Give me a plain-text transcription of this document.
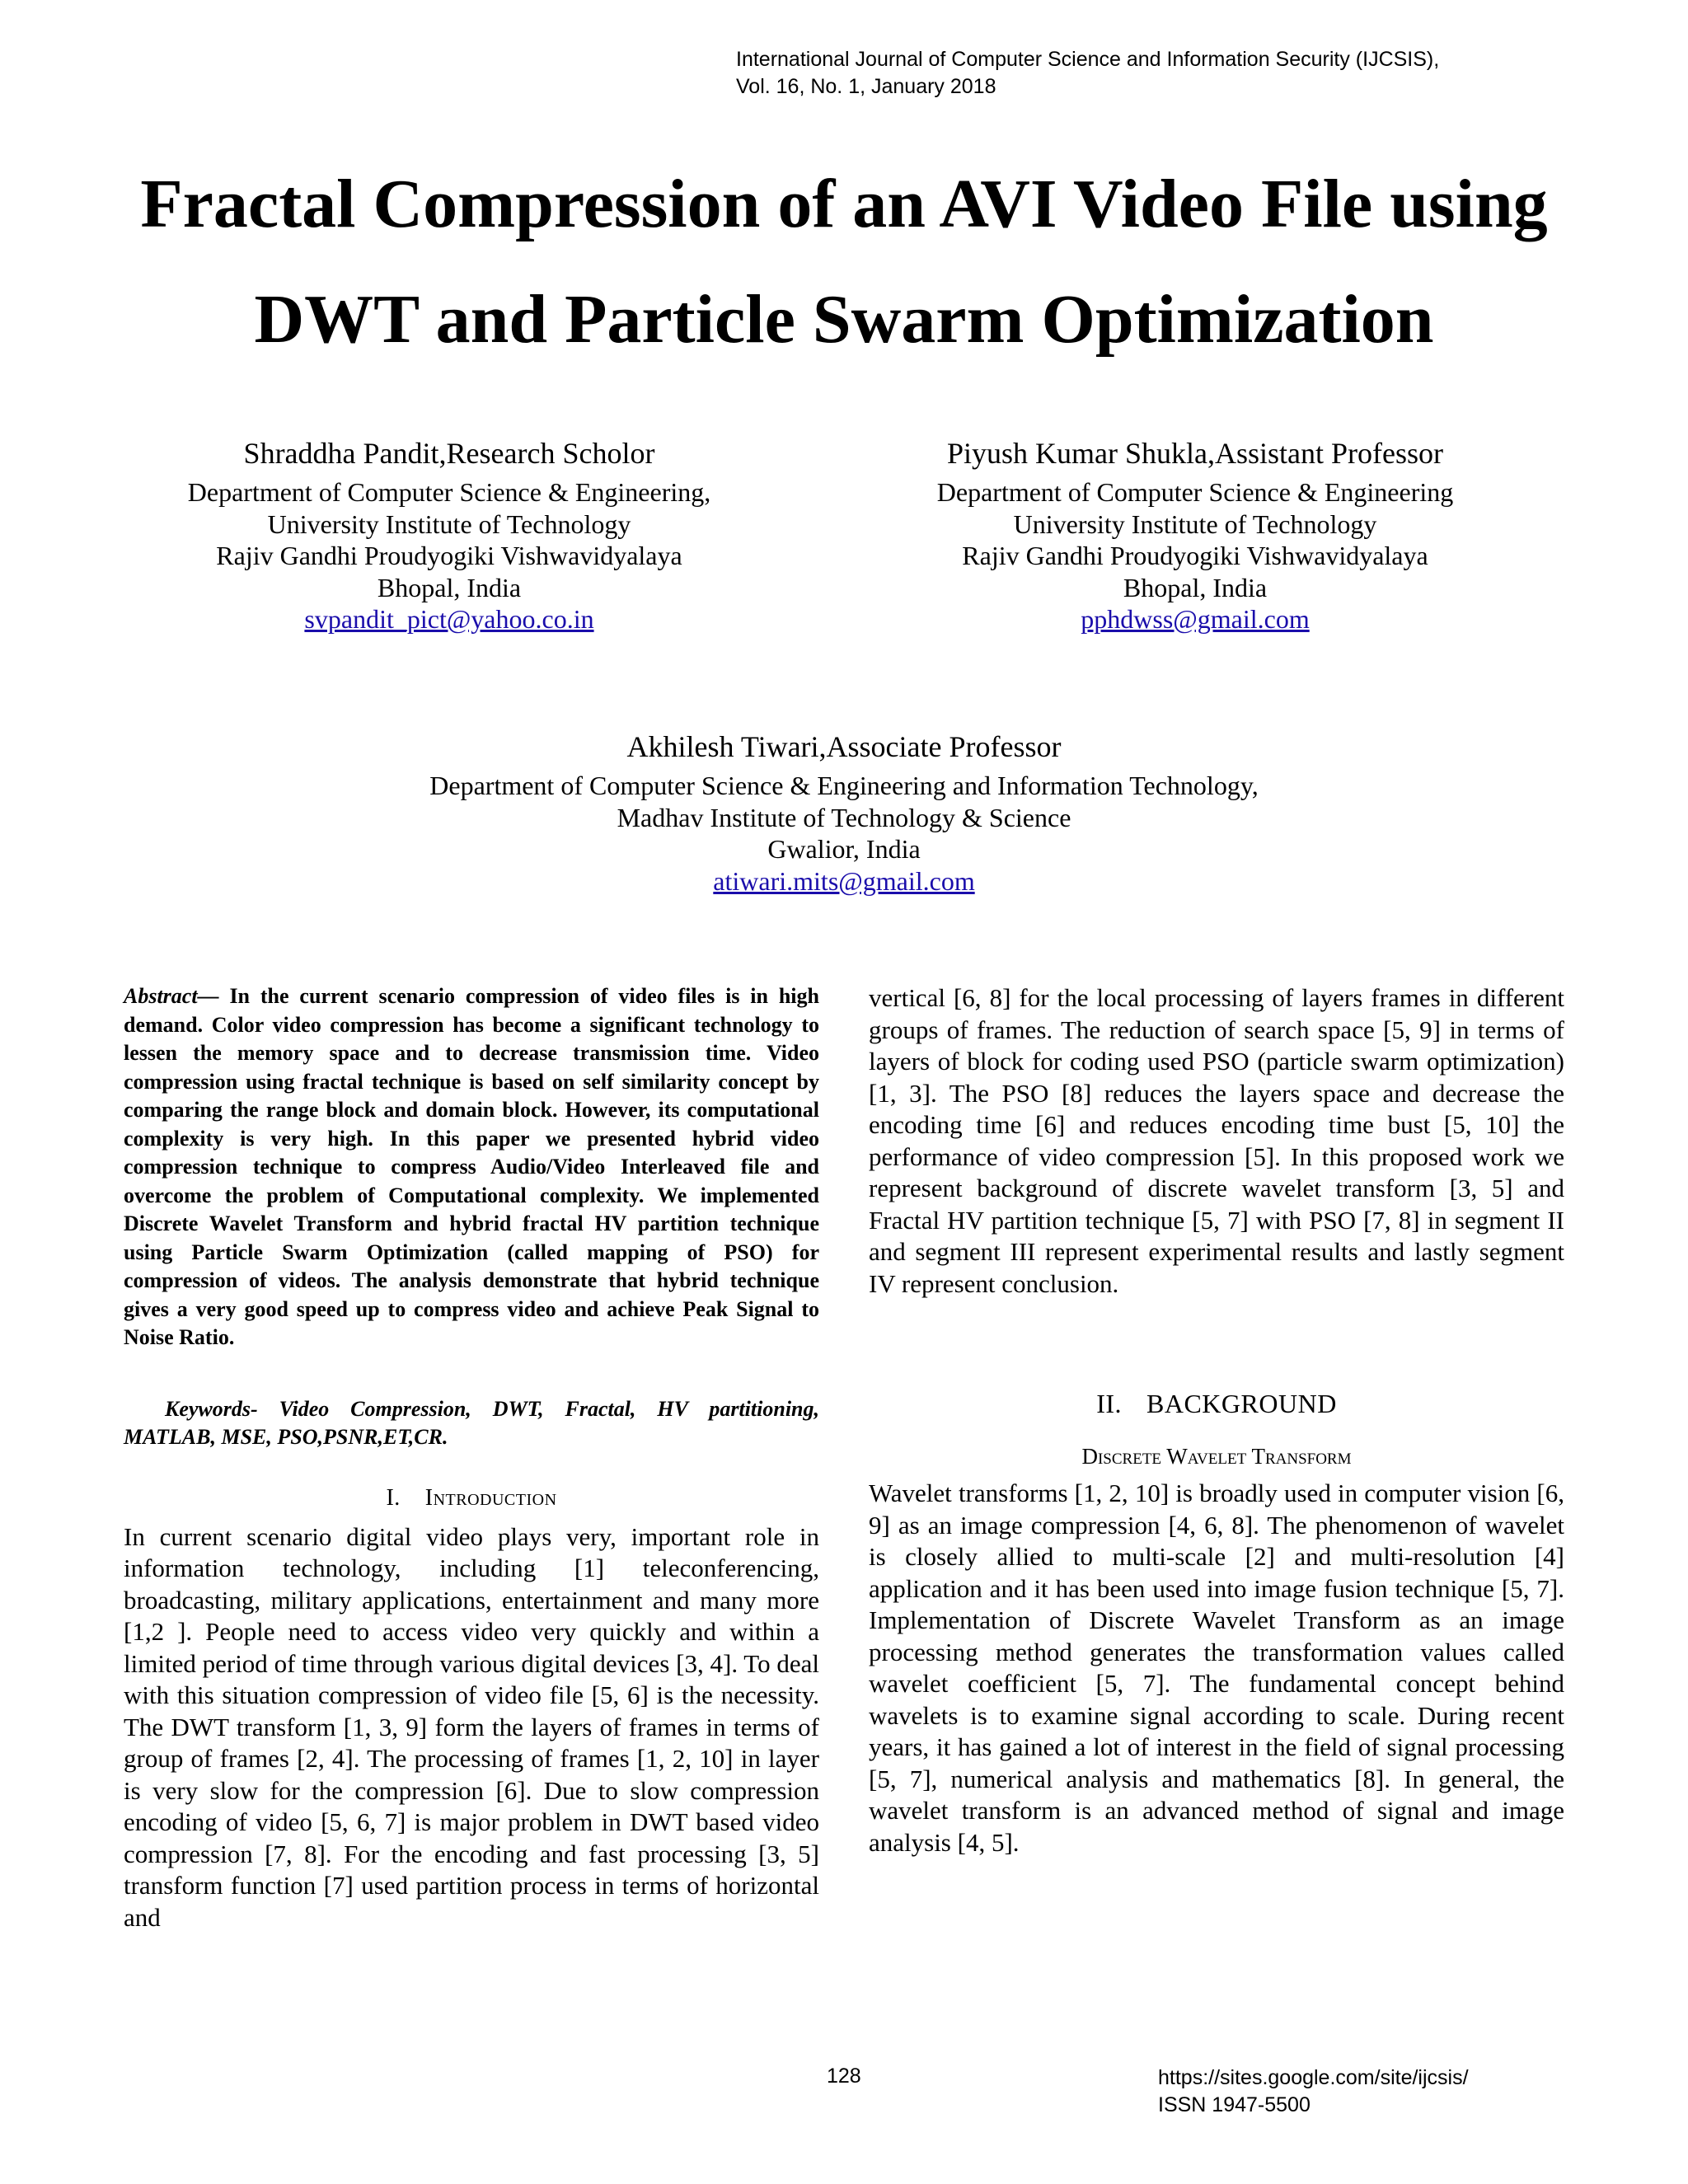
International Journal of Computer Science and Information Security (IJCSIS),
Vol. 16, No. 1, January 2018
Fractal Compression of an AVI Video File using
DWT and Particle Swarm Optimization
Shraddha Pandit,Research Scholor
Department of Computer Science & Engineering,
University Institute of Technology
Rajiv Gandhi Proudyogiki Vishwavidyalaya
Bhopal, India
svpandit_pict@yahoo.co.in
Piyush Kumar Shukla,Assistant Professor
Department of Computer Science & Engineering
University Institute of Technology
Rajiv Gandhi Proudyogiki Vishwavidyalaya
Bhopal, India
pphdwss@gmail.com
Akhilesh Tiwari,Associate Professor
Department of Computer Science & Engineering and Information Technology,
Madhav Institute of Technology & Science
Gwalior, India
atiwari.mits@gmail.com

Abstract— In the current scenario compression of video files is in high demand. Color video compression has become a significant technology to lessen the memory space and to decrease transmission time. Video compression using fractal technique is based on self similarity concept by comparing the range block and domain block. However, its computational complexity is very high. In this paper we presented hybrid video compression technique to compress Audio/Video Interleaved file and overcome the problem of Computational complexity. We implemented Discrete Wavelet Transform and hybrid fractal HV partition technique using Particle Swarm Optimization (called mapping of PSO) for compression of videos. The analysis demonstrate that hybrid technique gives a very good speed up to compress video and achieve Peak Signal to Noise Ratio.

Keywords- Video Compression, DWT, Fractal, HV partitioning, MATLAB, MSE, PSO,PSNR,ET,CR.

I. Introduction

In current scenario digital video plays very, important role in information technology, including [1] teleconferencing, broadcasting, military applications, entertainment and many more [1,2 ]. People need to access video very quickly and within a limited period of time through various digital devices [3, 4]. To deal with this situation compression of video file [5, 6] is the necessity. The DWT transform [1, 3, 9] form the layers of frames in terms of group of frames [2, 4]. The processing of frames [1, 2, 10] in layer is very slow for the compression [6]. Due to slow compression encoding of video [5, 6, 7] is major problem in DWT based video compression [7, 8]. For the encoding and fast processing [3, 5] transform function [7] used partition process in terms of horizontal and

vertical [6, 8] for the local processing of layers frames in different groups of frames. The reduction of search space [5, 9] in terms of layers of block for coding used PSO (particle swarm optimization) [1, 3]. The PSO [8] reduces the layers space and decrease the encoding time [6] and reduces encoding time bust [5, 10] the performance of video compression [5]. In this proposed work we represent background of discrete wavelet transform [3, 5] and Fractal HV partition technique [5, 7] with PSO [7, 8] in segment II and segment III represent experimental results and lastly segment IV represent conclusion.

II. BACKGROUND
Discrete Wavelet Transform

Wavelet transforms [1, 2, 10] is broadly used in computer vision [6, 9] as an image compression [4, 6, 8]. The phenomenon of wavelet is closely allied to multi-scale [2] and multi-resolution [4] application and it has been used into image fusion technique [5, 7]. Implementation of Discrete Wavelet Transform as an image processing method generates the transformation values called wavelet coefficient [5, 7]. The fundamental concept behind wavelets is to examine signal according to scale. During recent years, it has gained a lot of interest in the field of signal processing [5, 7], numerical analysis and mathematics [8]. In general, the wavelet transform is an advanced method of signal and image analysis [4, 5].

128	https://sites.google.com/site/ijcsis/
ISSN 1947-5500
